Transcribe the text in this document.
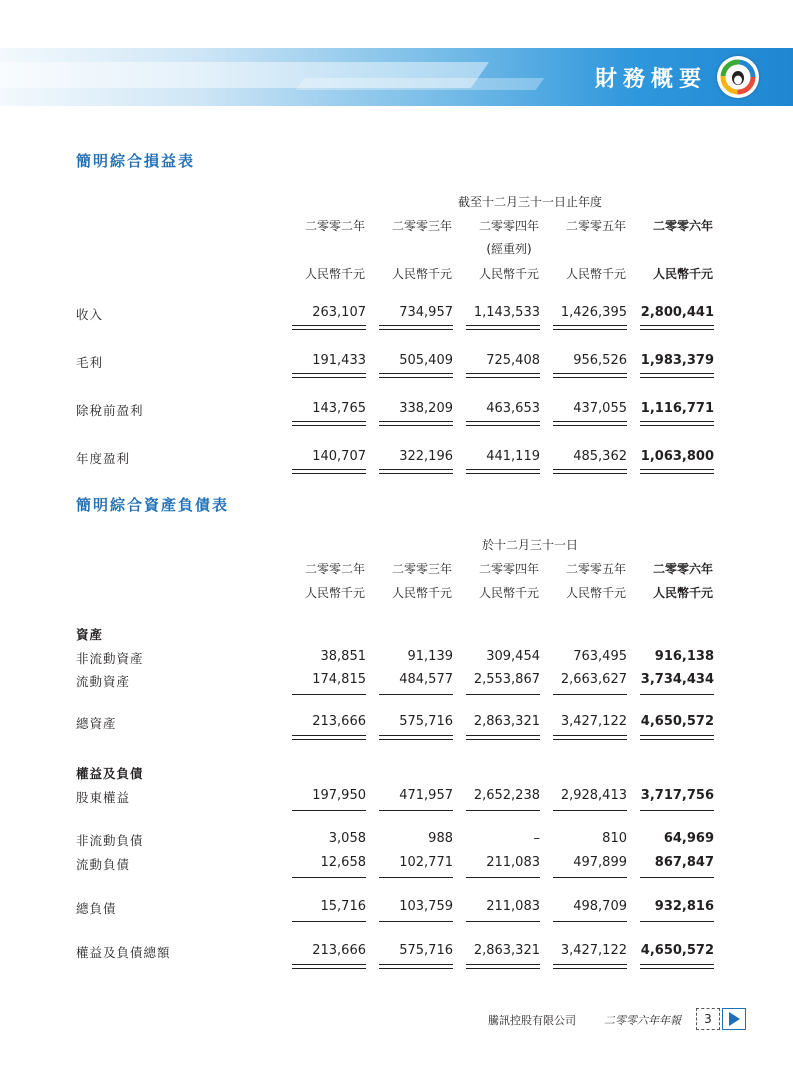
財務概要
簡明綜合損益表
截至十二月三十一日止年度
二零零二年	二零零三年	二零零四年	二零零五年	二零零六年
(經重列)
人民幣千元	人民幣千元	人民幣千元	人民幣千元	人民幣千元
收入	263,107	734,957	1,143,533	1,426,395	2,800,441
毛利	191,433	505,409	725,408	956,526	1,983,379
除稅前盈利	143,765	338,209	463,653	437,055	1,116,771
年度盈利	140,707	322,196	441,119	485,362	1,063,800
簡明綜合資產負債表
於十二月三十一日
二零零二年	二零零三年	二零零四年	二零零五年	二零零六年
人民幣千元	人民幣千元	人民幣千元	人民幣千元	人民幣千元
資產
非流動資產	38,851	91,139	309,454	763,495	916,138
流動資產	174,815	484,577	2,553,867	2,663,627	3,734,434
總資產	213,666	575,716	2,863,321	3,427,122	4,650,572
權益及負債
股東權益	197,950	471,957	2,652,238	2,928,413	3,717,756
非流動負債	3,058	988	–	810	64,969
流動負債	12,658	102,771	211,083	497,899	867,847
總負債	15,716	103,759	211,083	498,709	932,816
權益及負債總額	213,666	575,716	2,863,321	3,427,122	4,650,572
騰訊控股有限公司	二零零六年年報	3
